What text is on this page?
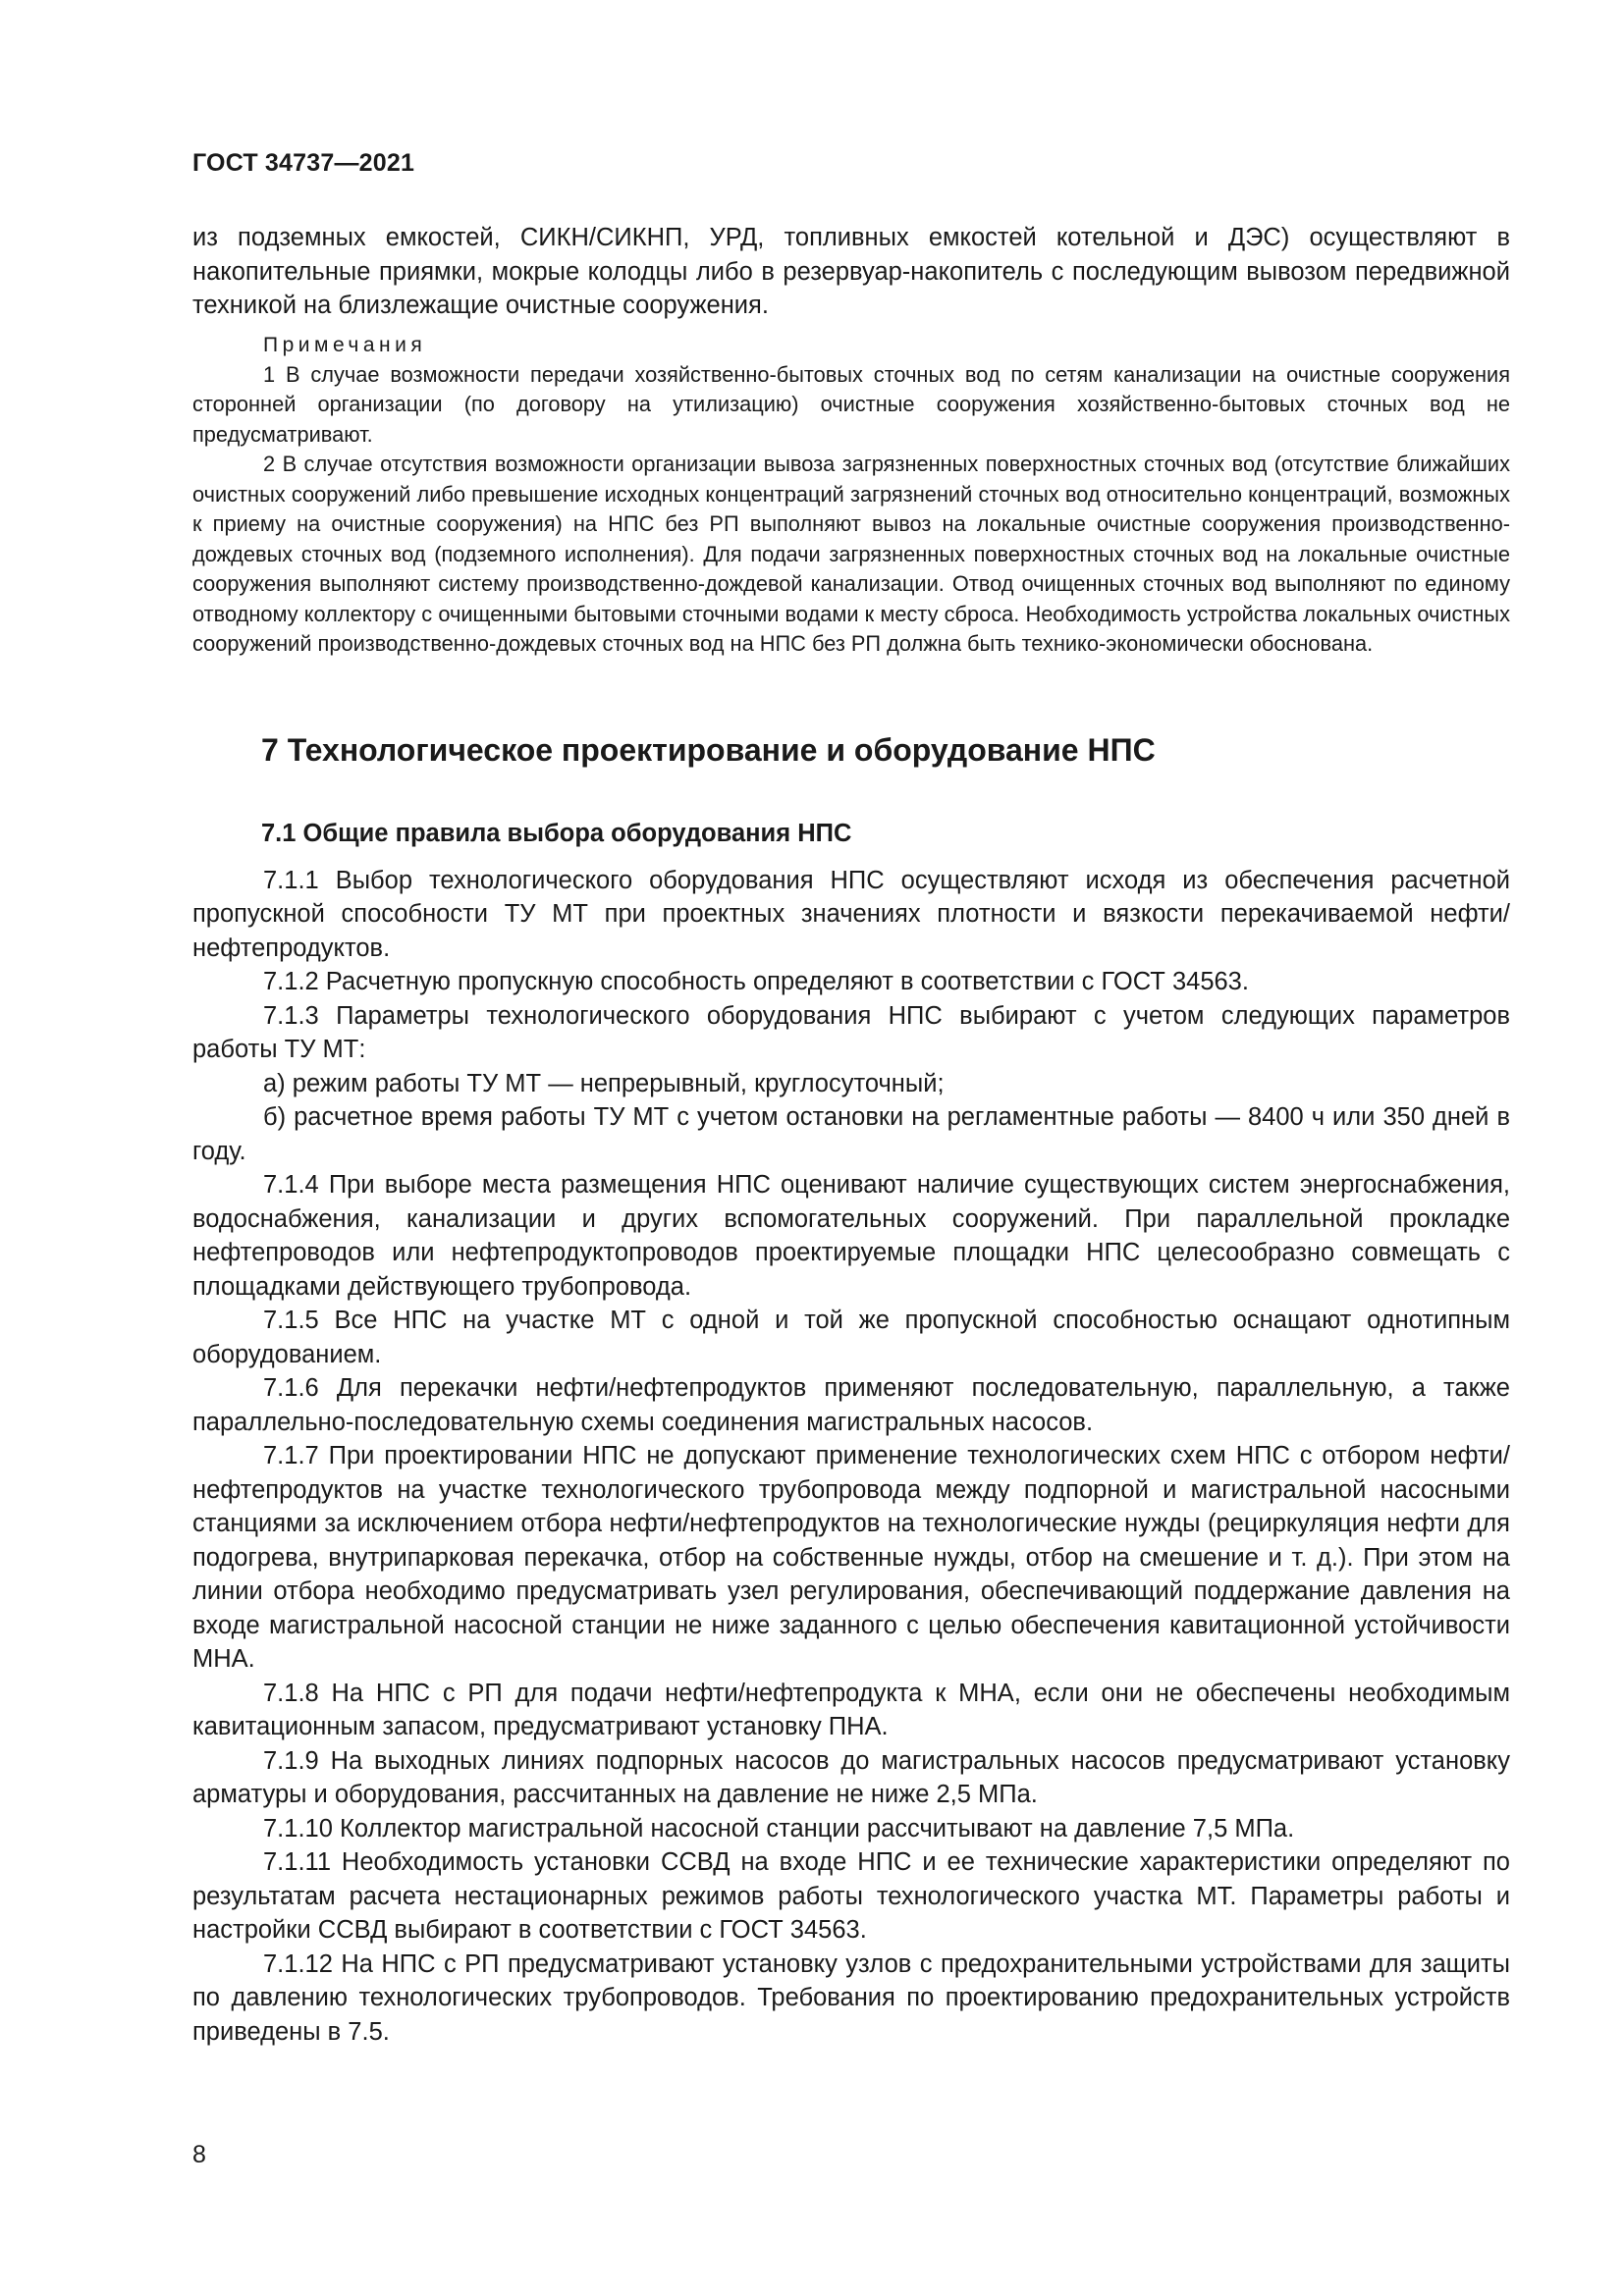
ГОСТ 34737—2021

из подземных емкостей, СИКН/СИКНП, УРД, топливных емкостей котельной и ДЭС) осуществляют в накопительные приямки, мокрые колодцы либо в резервуар-накопитель с последующим вывозом передвижной техникой на близлежащие очистные сооружения.

Примечания

1 В случае возможности передачи хозяйственно-бытовых сточных вод по сетям канализации на очистные сооружения сторонней организации (по договору на утилизацию) очистные сооружения хозяйственно-бытовых сточных вод не предусматривают.

2 В случае отсутствия возможности организации вывоза загрязненных поверхностных сточных вод (отсутствие ближайших очистных сооружений либо превышение исходных концентраций загрязнений сточных вод относительно концентраций, возможных к приему на очистные сооружения) на НПС без РП выполняют вывоз на локальные очистные сооружения производственно-дождевых сточных вод (подземного исполнения). Для подачи загрязненных поверхностных сточных вод на локальные очистные сооружения выполняют систему производственно-дождевой канализации. Отвод очищенных сточных вод выполняют по единому отводному коллектору с очищенными бытовыми сточными водами к месту сброса. Необходимость устройства локальных очистных сооружений производственно-дождевых сточных вод на НПС без РП должна быть технико-экономически обоснована.

7 Технологическое проектирование и оборудование НПС
7.1 Общие правила выбора оборудования НПС

7.1.1 Выбор технологического оборудования НПС осуществляют исходя из обеспечения расчетной пропускной способности ТУ МТ при проектных значениях плотности и вязкости перекачиваемой нефти/нефтепродуктов.

7.1.2 Расчетную пропускную способность определяют в соответствии с ГОСТ 34563.

7.1.3 Параметры технологического оборудования НПС выбирают с учетом следующих параметров работы ТУ МТ:

а) режим работы ТУ МТ — непрерывный, круглосуточный;

б) расчетное время работы ТУ МТ с учетом остановки на регламентные работы — 8400 ч или 350 дней в году.

7.1.4 При выборе места размещения НПС оценивают наличие существующих систем энергоснабжения, водоснабжения, канализации и других вспомогательных сооружений. При параллельной прокладке нефтепроводов или нефтепродуктопроводов проектируемые площадки НПС целесообразно совмещать с площадками действующего трубопровода.

7.1.5 Все НПС на участке МТ с одной и той же пропускной способностью оснащают однотипным оборудованием.

7.1.6 Для перекачки нефти/нефтепродуктов применяют последовательную, параллельную, а также параллельно-последовательную схемы соединения магистральных насосов.

7.1.7 При проектировании НПС не допускают применение технологических схем НПС с отбором нефти/нефтепродуктов на участке технологического трубопровода между подпорной и магистральной насосными станциями за исключением отбора нефти/нефтепродуктов на технологические нужды (рециркуляция нефти для подогрева, внутрипарковая перекачка, отбор на собственные нужды, отбор на смешение и т. д.). При этом на линии отбора необходимо предусматривать узел регулирования, обеспечивающий поддержание давления на входе магистральной насосной станции не ниже заданного с целью обеспечения кавитационной устойчивости МНА.

7.1.8 На НПС с РП для подачи нефти/нефтепродукта к МНА, если они не обеспечены необходимым кавитационным запасом, предусматривают установку ПНА.

7.1.9 На выходных линиях подпорных насосов до магистральных насосов предусматривают установку арматуры и оборудования, рассчитанных на давление не ниже 2,5 МПа.

7.1.10 Коллектор магистральной насосной станции рассчитывают на давление 7,5 МПа.

7.1.11 Необходимость установки ССВД на входе НПС и ее технические характеристики определяют по результатам расчета нестационарных режимов работы технологического участка МТ. Параметры работы и настройки ССВД выбирают в соответствии с ГОСТ 34563.

7.1.12 На НПС с РП предусматривают установку узлов с предохранительными устройствами для защиты по давлению технологических трубопроводов. Требования по проектированию предохранительных устройств приведены в 7.5.

8
